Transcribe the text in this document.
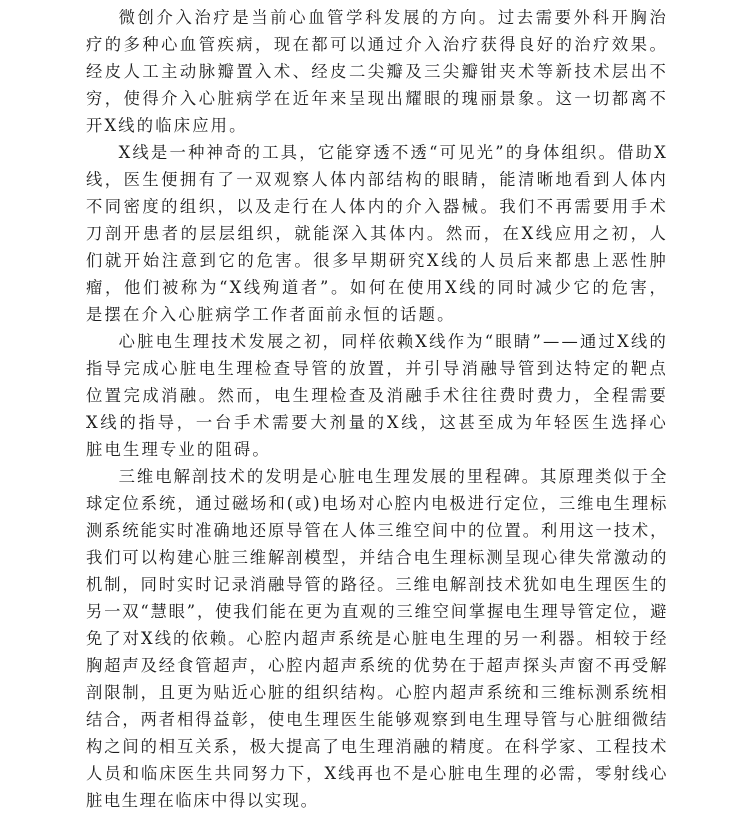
微创介入治疗是当前心血管学科发展的方向。过去需要外科开胸治疗的多种心血管疾病，现在都可以通过介入治疗获得良好的治疗效果。经皮人工主动脉瓣置入术、经皮二尖瓣及三尖瓣钳夹术等新技术层出不穷，使得介入心脏病学在近年来呈现出耀眼的瑰丽景象。这一切都离不开X线的临床应用。

X线是一种神奇的工具，它能穿透不透“可见光”的身体组织。借助X线，医生便拥有了一双观察人体内部结构的眼睛，能清晰地看到人体内不同密度的组织，以及走行在人体内的介入器械。我们不再需要用手术刀剖开患者的层层组织，就能深入其体内。然而，在X线应用之初，人们就开始注意到它的危害。很多早期研究X线的人员后来都患上恶性肿瘤，他们被称为“X线殉道者”。如何在使用X线的同时减少它的危害，是摆在介入心脏病学工作者面前永恒的话题。

心脏电生理技术发展之初，同样依赖X线作为“眼睛”——通过X线的指导完成心脏电生理检查导管的放置，并引导消融导管到达特定的靶点位置完成消融。然而，电生理检查及消融手术往往费时费力，全程需要X线的指导，一台手术需要大剂量的X线，这甚至成为年轻医生选择心脏电生理专业的阻碍。

三维电解剖技术的发明是心脏电生理发展的里程碑。其原理类似于全球定位系统，通过磁场和(或)电场对心腔内电极进行定位，三维电生理标测系统能实时准确地还原导管在人体三维空间中的位置。利用这一技术，我们可以构建心脏三维解剖模型，并结合电生理标测呈现心律失常激动的机制，同时实时记录消融导管的路径。三维电解剖技术犹如电生理医生的另一双“慧眼”，使我们能在更为直观的三维空间掌握电生理导管定位，避免了对X线的依赖。心腔内超声系统是心脏电生理的另一利器。相较于经胸超声及经食管超声，心腔内超声系统的优势在于超声探头声窗不再受解剖限制，且更为贴近心脏的组织结构。心腔内超声系统和三维标测系统相结合，两者相得益彰，使电生理医生能够观察到电生理导管与心脏细微结构之间的相互关系，极大提高了电生理消融的精度。在科学家、工程技术人员和临床医生共同努力下，X线再也不是心脏电生理的必需，零射线心脏电生理在临床中得以实现。
